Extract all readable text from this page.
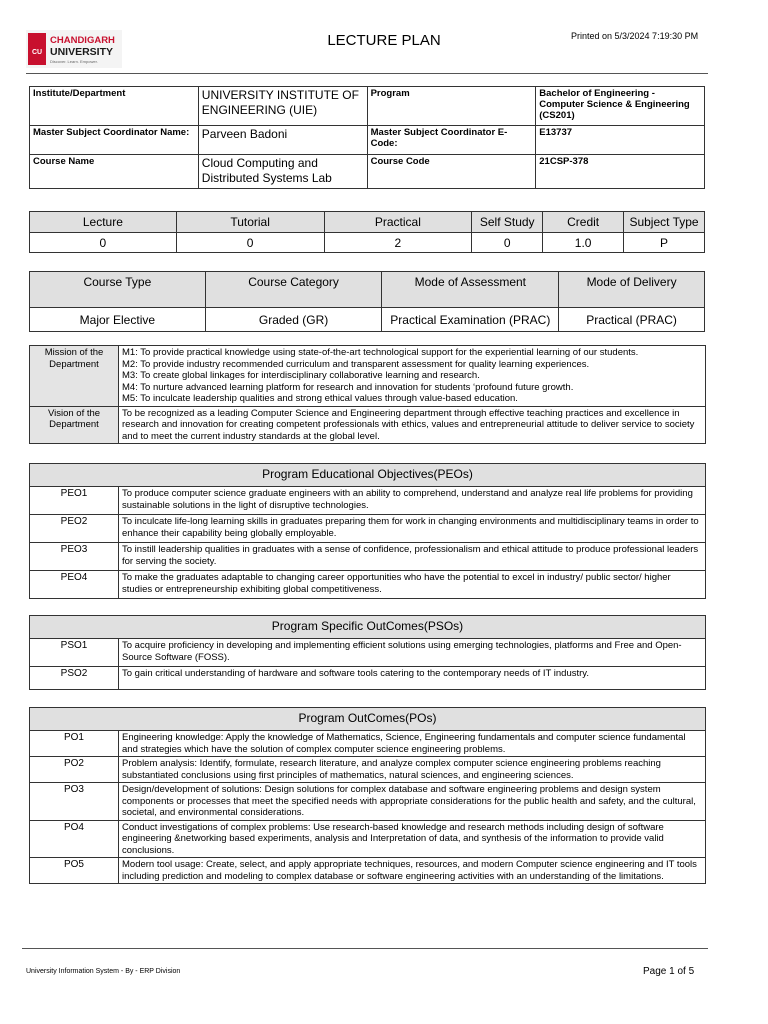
CU
CHANDIGARH
UNIVERSITY
Discover. Learn. Empower.
LECTURE PLAN	Printed on 5/3/2024 7:19:30 PM
Institute/Department	UNIVERSITY INSTITUTE OF ENGINEERING (UIE)	Program	Bachelor of Engineering - Computer Science & Engineering (CS201)
Master Subject Coordinator Name:	Parveen Badoni	Master Subject Coordinator E-Code:	E13737
Course Name	Cloud Computing and Distributed Systems Lab	Course Code	21CSP-378
Lecture	Tutorial	Practical	Self Study	Credit	Subject Type
0	0	2	0	1.0	P
Course Type	Course Category	Mode of Assessment	Mode of Delivery
Major Elective	Graded (GR)	Practical Examination (PRAC)	Practical (PRAC)
Mission of the Department	M1: To provide practical knowledge using state-of-the-art technological support for the experiential learning of our students.
M2: To provide industry recommended curriculum and transparent assessment for quality learning experiences.
M3: To create global linkages for interdisciplinary collaborative learning and research.
M4: To nurture advanced learning platform for research and innovation for students ‘profound future growth.
M5: To inculcate leadership qualities and strong ethical values through value-based education.

Vision of the Department	To be recognized as a leading Computer Science and Engineering department through effective teaching practices and excellence in research and innovation for creating competent professionals with ethics, values and entrepreneurial attitude to deliver service to society and to meet the current industry standards at the global level.
Program Educational Objectives(PEOs)	
PEO1	To produce computer science graduate engineers with an ability to comprehend, understand and analyze real life problems for providing sustainable solutions in the light of disruptive technologies.
PEO2	To inculcate life-long learning skills in graduates preparing them for work in changing environments and multidisciplinary teams in order to enhance their capability being globally employable.
PEO3	To instill leadership qualities in graduates with a sense of confidence, professionalism and ethical attitude to produce professional leaders for serving the society.
PEO4	To make the graduates adaptable to changing career opportunities who have the potential to excel in industry/ public sector/ higher studies or entrepreneurship exhibiting global competitiveness.
Program Specific OutComes(PSOs)	
PSO1	To acquire proficiency in developing and implementing efficient solutions using emerging technologies, platforms and Free and Open-Source Software (FOSS).
PSO2	To gain critical understanding of hardware and software tools catering to the contemporary needs of IT industry.
Program OutComes(POs)	
PO1	Engineering knowledge: Apply the knowledge of Mathematics, Science, Engineering fundamentals and computer science fundamental and strategies which have the solution of complex computer science engineering problems.
PO2	Problem analysis: Identify, formulate, research literature, and analyze complex computer science engineering problems reaching substantiated conclusions using first principles of mathematics, natural sciences, and engineering sciences.
PO3	Design/development of solutions: Design solutions for complex database and software engineering problems and design system components or processes that meet the specified needs with appropriate considerations for the public health and safety, and the cultural, societal, and environmental considerations.
PO4	Conduct investigations of complex problems: Use research-based knowledge and research methods including design of software engineering &networking based experiments, analysis and Interpretation of data, and synthesis of the information to provide valid conclusions.
PO5	Modern tool usage: Create, select, and apply appropriate techniques, resources, and modern Computer science engineering and IT tools including prediction and modeling to complex database or software engineering activities with an understanding of the limitations.
University Information System - By - ERP Division	Page 1 of 5
